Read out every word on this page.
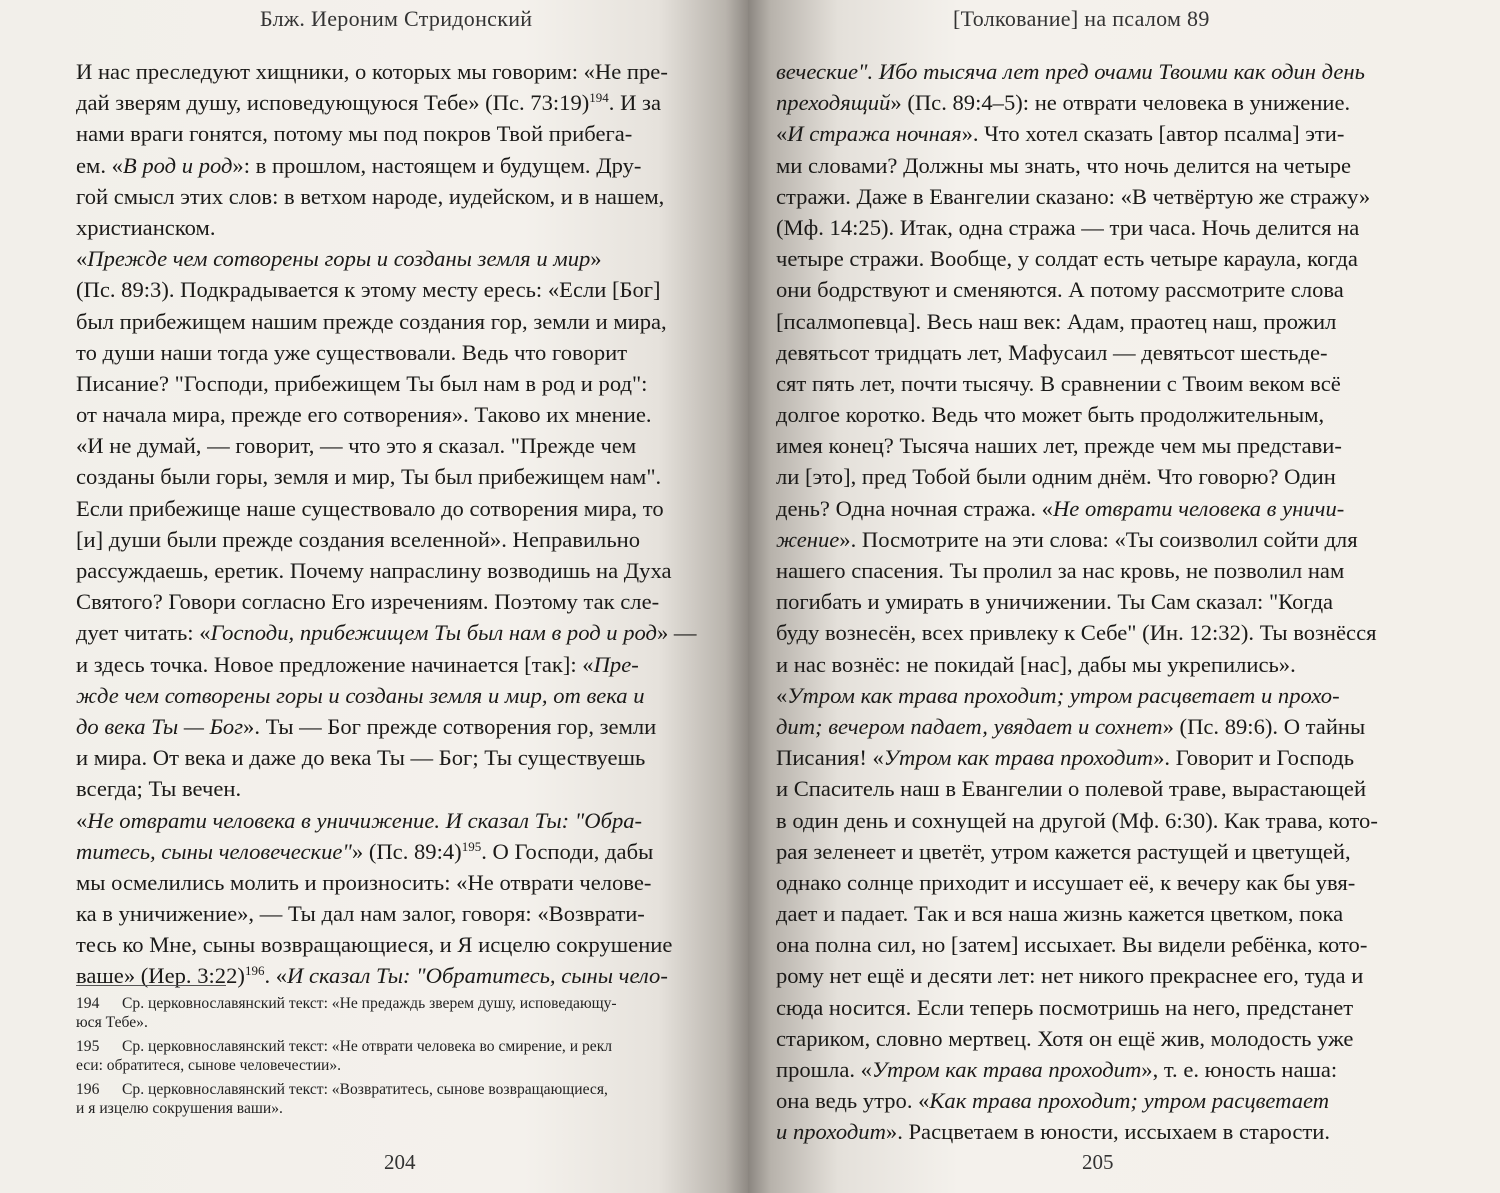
Блж. Иероним Стридонский
И нас преследуют хищники, о которых мы говорим: «Не пре-
дай зверям душу, исповедующуюся Тебе» (Пс. 73:19)$^{194}$. И за
нами враги гонятся, потому мы под покров Твой прибегa-
ем. «В род и род»: в прошлом, настоящем и будущем. Дру-
гой смысл этих слов: в ветхом народе, иудейском, и в нашем,
христианском.
«Прежде чем сотворены горы и созданы земля и мир»
(Пс. 89:3). Подкрадывается к этому месту ересь: «Если [Бог]
был прибежищем нашим прежде создания гор, земли и мира,
то души наши тогда уже существовали. Ведь что говорит
Писание? "Господи, прибежищем Ты был нам в род и род":
от начала мира, прежде его сотворения». Таково их мнение.
«И не думай, — говорит, — что это я сказал. "Прежде чем
созданы были горы, земля и мир, Ты был прибежищем нам".
Если прибежище наше существовало до сотворения мира, то
[и] души были прежде создания вселенной». Неправильно
рассуждаешь, еретик. Почему напраслину возводишь на Духа
Святого? Говори согласно Его изречениям. Поэтому так сле-
дует читать: «Господи, прибежищем Ты был нам в род и род» —
и здесь точка. Новое предложение начинается [так]: «Пре-
жде чем сотворены горы и созданы земля и мир, от века и
до века Ты — Бог». Ты — Бог прежде сотворения гор, земли
и мира. От века и даже до века Ты — Бог; Ты существуешь
всегда; Ты вечен.
«Не отврати человека в уничижение. И сказал Ты: "Обра-
титесь, сыны человеческие"» (Пс. 89:4)$^{195}$. О Господи, дабы
мы осмелились молить и произносить: «Не отврати челове-
ка в уничижение», — Ты дал нам залог, говоря: «Возврати-
тесь ко Мне, сыны возвращающиеся, и Я исцелю сокрушение
ваше» (Иер. 3:22)$^{196}$. «И сказал Ты: "Обратитесь, сыны чело-
194 Ср. церковнославянский текст: «Не предаждь зверем душу, исповедающу-
юся Тебе».
195 Ср. церковнославянский текст: «Не отврати человека во смирение, и рекл
еси: обратитеся, сынове человечестии».
196 Ср. церковнославянский текст: «Возвратитесь, сынове возвращающиеся,
и я изцелю сокрушения ваши».
204
[Толкование] на псалом 89
веческие". Ибо тысяча лет пред очами Твоими как один день
преходящий» (Пс. 89:4–5): не отврати человека в унижение.
«И стража ночная». Что хотел сказать [автор псалма] эти-
ми словами? Должны мы знать, что ночь делится на четыре
стражи. Даже в Евангелии сказано: «В четвёртую же стражу»
(Мф. 14:25). Итак, одна стража — три часа. Ночь делится на
четыре стражи. Вообще, у солдат есть четыре караула, когда
они бодрствуют и сменяются. А потому рассмотрите слова
[псалмопевца]. Весь наш век: Адам, праотец наш, прожил
девятьсот тридцать лет, Мафусаил — девятьсот шестьде-
сят пять лет, почти тысячу. В сравнении с Твоим веком всё
долгое коротко. Ведь что может быть продолжительным,
имея конец? Тысяча наших лет, прежде чем мы представи-
ли [это], пред Тобой были одним днём. Что говорю? Один
день? Одна ночная стража. «Не отврати человека в уничи-
жение». Посмотрите на эти слова: «Ты соизволил сойти для
нашего спасения. Ты пролил за нас кровь, не позволил нам
погибать и умирать в уничижении. Ты Сам сказал: "Когда
буду вознесён, всех привлеку к Себе" (Ин. 12:32). Ты вознёсся
и нас вознёс: не покидай [нас], дабы мы укрепились».
«Утром как трава проходит; утром расцветает и прохо-
дит; вечером падает, увядает и сохнет» (Пс. 89:6). О тайны
Писания! «Утром как трава проходит». Говорит и Господь
и Спаситель наш в Евангелии о полевой траве, вырастающей
в один день и сохнущей на другой (Мф. 6:30). Как трава, кото-
рая зеленеет и цветёт, утром кажется растущей и цветущей,
однако солнце приходит и иссушает её, к вечеру как бы увя-
дает и падает. Так и вся наша жизнь кажется цветком, пока
она полна сил, но [затем] иссыхает. Вы видели ребёнка, кото-
рому нет ещё и десяти лет: нет никого прекраснее его, туда и
сюда носится. Если теперь посмотришь на него, предстанет
стариком, словно мертвец. Хотя он ещё жив, молодость уже
прошла. «Утром как трава проходит», т. е. юность наша:
она ведь утро. «Как трава проходит; утром расцветает
и проходит». Расцветаем в юности, иссыхаем в старости.
205
